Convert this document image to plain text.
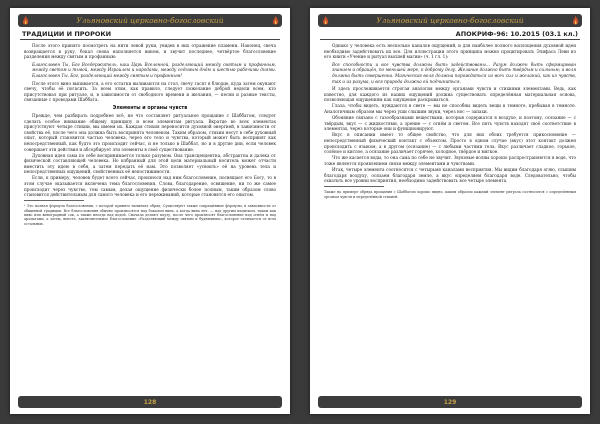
Ульяновский церковно-богословский
ТРАДИЦИИ И ПРОРОКИ

После этого принято посмотреть на нити левой руки, увидев в них отражение пламени. Наконец, свеча возвращается в руку, бокал снова наполняется вином, и звучит последнее, четвёртое благословение разделения между святым и профанным:

Благословен Ты, Бог Вседержитель, наш Царь Вселенной, разделяющий между святым и профанным, между светом и тьмой, между Израилем и народами, между седьмым днём и шестью рабочими днями. Благословен Ты, Бог, разделяющий между святым и профанным!

После этого вино выпивается, а его остатки выливаются на стол, свечу гасят в блюдце, куда затем окунают свечу, чтобы её погасить. За всем этим, как правило, следует пожелание доброй недели всем, кто присутствовал при ритуале, и, в зависимости от свободного времени и желания, — песни и разные тексты, связанные с проводами Шаббата.

Элементы и органы чувств

Прежде, чем разбирать подробнее всё, не что составляет ритуальное прощание с Шаббатом, следует сделать особое внимание общему принципу и всем элементам ритуала. Вкратце во всех элементах присутствуют четыре стихии, мы имеем их. Каждая стихия переносится духовной энергией, в зависимости от свойства её, после чего она должна быть воспринята человеком. Таким образом, стихии несут в себе духовный опыт, который становится частью человека, через его тело и чувства, который может быть воспринят как непосредственный, как будто это происходит сейчас, и не только в Шаббат, но и в другие дни, если человек совершает эти действия и абсорбирует эти элементы в своё существование.

Духовная идея сама по себе воспринимается только разумом. Она трансцендентна, абстрактна и далека от физической составляющей человека. Но избранный для этой цели материальный носитель может отчасти вместить эту идею в себя, а затем передать её нам. Это позволяет «усвоить» её на уровень тела и непосредственных ощущений, свойственных её непостижимости.

Если, к примеру, человек будет всего сейчас, произнося над ним благословение, посвящает его Богу, то в этом случае оказывается включена тема благословения. Слова, благодарение, освящение, ни то же самое происходит через чувство, тем самым, делая ощущение физически более полным, таким образом слово становится действительным для самого человека и его переживаний, которые становятся его опытом.

¹ Это полная формула благословения, с которой принято начинать обряд. Существуют также сокращённые формулы, в зависимости от общинной традиции. Все благословения обычно произносятся над бокалом вина, а когда вина нет, — над другим напитком, таким как пиво или виноградный сок, а также иногда над водой. Сначала делают паузу, после чего произносят благословение над огнём и над ароматами, а затем, вместе, заключительное благословение «Разделяющий между святым и будничным», которое отличается от всех остальных.

128
Ульяновский церковно-богословский
АПОКРИФ-96: 10.2015 (03.1 кл.)

Однако у человека есть несколько каналов ощущений, и для наиболее полного воплощения духовной идеи необходимо задействовать их все. Для иллюстрации этого принципа можно процитировать Элифаса Леви из его книги «Учение и ритуал высшей магии» (ч. 1 гл. 1):

Все способности и все чувства должны быть задействованы… Разум должен быть сформирован знанием и обращён, по меньшей мере, к доброму делу. Желание должно быть твёрдым и сильным; и воля должна быть совершенна. Магическая воля должна порождаться из всех сил и желаний, как из чувств, так и из разума, и вся природа должна ей подчиниться.

И здесь прослеживается строгая аналогия между органами чувств и стихиями элементами. Ведь, как известно, для каждого из наших ощущений должна существовать определённая материальная основа, позволяющая ощущениям как ощущение раскрываться.

Глаза, чтобы видеть, нуждаются в свете — мы не способны видеть вещи в темноте, пребывая в темноте. Аналогичным образом мы через уши слышим звуки, через нос — запахи.

Обоняние связано с газообразными веществами, которые содержатся в воздухе, и поэтому, осязание — с твёрдым, вкус — с жидкостями, а зрение — с огнём и светом. Все пять чувств находят своё соответствие в элементах, через которые они и функционируют.

Вкус в описании имеет то общее свойство, что для них обоих требуется прикосновение — непосредственный физический контакт с объектом. Просто в одном случае (вкус) этот контакт должен происходить с языком, а в другом (осязание) — с любыми частями тела. Вкус различает сладкое, горькое, солёное и кислое, а осязание различает горячее, холодное, твёрдое и мягкое.

Что же касается воды, то она сама по себе не звучит. Звуковые волны хорошо распространяются в воде, что тоже является проявлением связи между элементами и чувствами.

Итак, четыре элемента соотносятся с четырьмя каналами восприятия. Мы видим благодаря огню, слышим благодаря воздуху, осязаем благодаря земле, а вкус определяем благодаря воде. Следовательно, чтобы охватить все уровни восприятия, необходимо задействовать все четыре элемента.

Также на примере обряда прощания с Шаббатом хорошо видно, каким образом каждый элемент ритуала соотносится с определённым органом чувств и определённой стихией.

129
